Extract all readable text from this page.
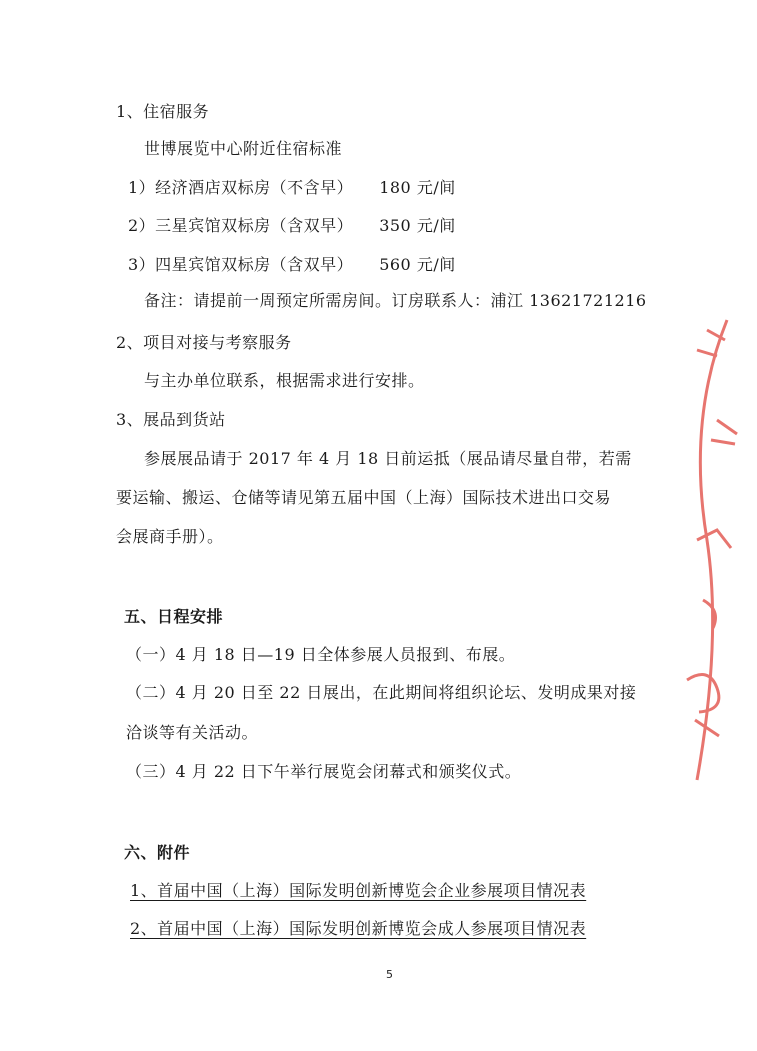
1、住宿服务
世博展览中心附近住宿标准
1）经济酒店双标房（不含早） 180 元/间
2）三星宾馆双标房（含双早） 350 元/间
3）四星宾馆双标房（含双早） 560 元/间
备注：请提前一周预定所需房间。订房联系人：浦江 13621721216
2、项目对接与考察服务
与主办单位联系，根据需求进行安排。
3、展品到货站
参展展品请于 2017 年 4 月 18 日前运抵（展品请尽量自带，若需
要运输、搬运、仓储等请见第五届中国（上海）国际技术进出口交易
会展商手册）。
五、日程安排
（一）4 月 18 日—19 日全体参展人员报到、布展。
（二）4 月 20 日至 22 日展出，在此期间将组织论坛、发明成果对接
洽谈等有关活动。
（三）4 月 22 日下午举行展览会闭幕式和颁奖仪式。
六、附件
1、首届中国（上海）国际发明创新博览会企业参展项目情况表
2、首届中国（上海）国际发明创新博览会成人参展项目情况表
5
